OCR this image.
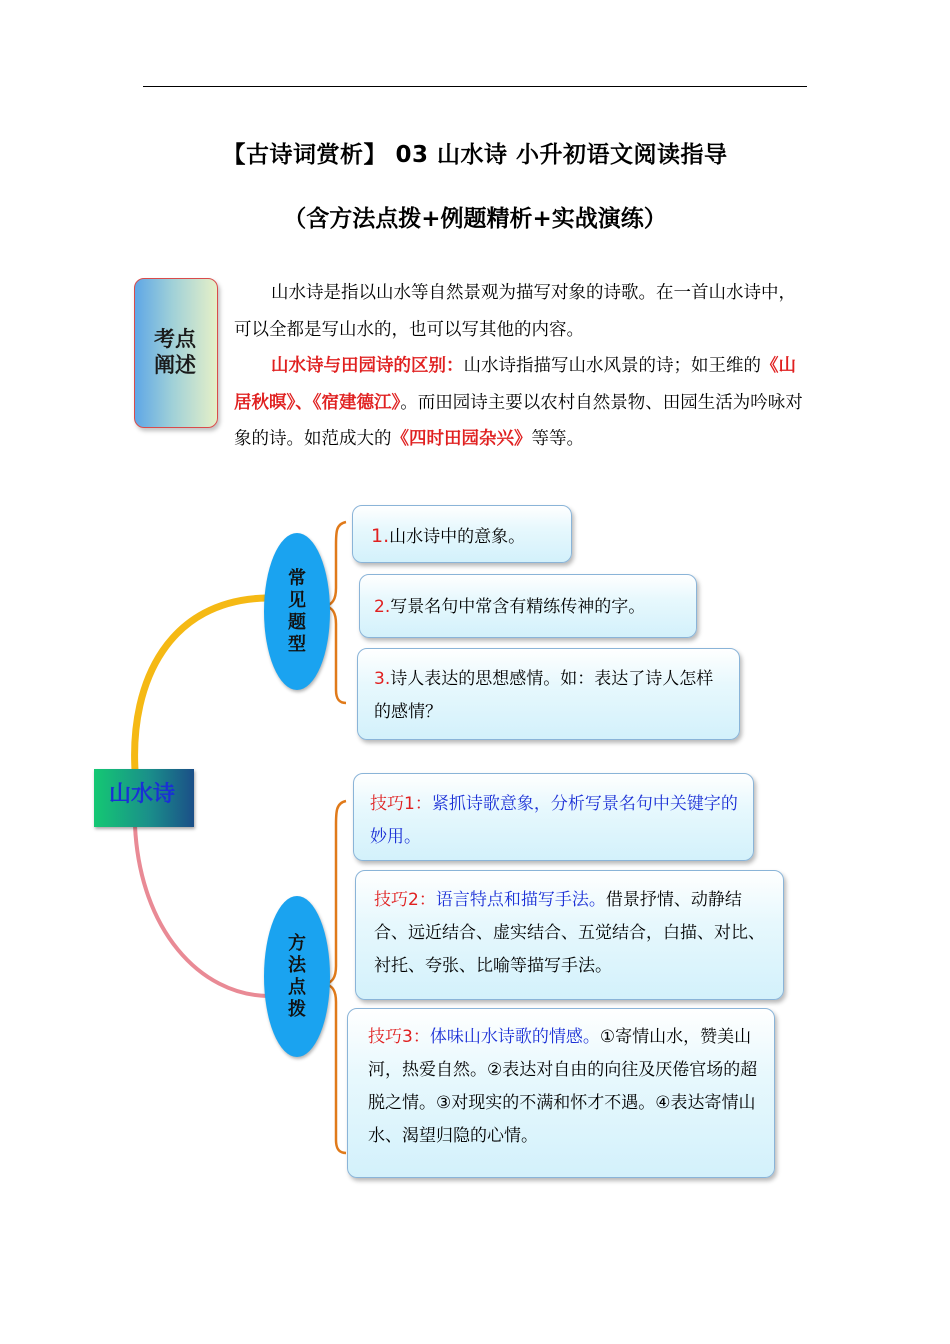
【古诗词赏析】 03 山水诗 小升初语文阅读指导
（含方法点拨+例题精析+实战演练）
考点
阐述
山水诗是指以山水等自然景观为描写对象的诗歌。在一首山水诗中，可以全都是写山水的，也可以写其他的内容。
山水诗与田园诗的区别：山水诗指描写山水风景的诗；如王维的《山居秋暝》、《宿建德江》。而田园诗主要以农村自然景物、田园生活为吟咏对象的诗。如范成大的《四时田园杂兴》等等。
山水诗
常
见
题
型
方
法
点
拨
1.山水诗中的意象。
2.写景名句中常含有精练传神的字。
3.诗人表达的思想感情。如：表达了诗人怎样的感情？
技巧1：紧抓诗歌意象，分析写景名句中关键字的妙用。
技巧2：语言特点和描写手法。借景抒情、动静结合、远近结合、虚实结合、五觉结合，白描、对比、衬托、夸张、比喻等描写手法。
技巧3：体味山水诗歌的情感。①寄情山水，赞美山河，热爱自然。②表达对自由的向往及厌倦官场的超脱之情。③对现实的不满和怀才不遇。④表达寄情山水、渴望归隐的心情。
